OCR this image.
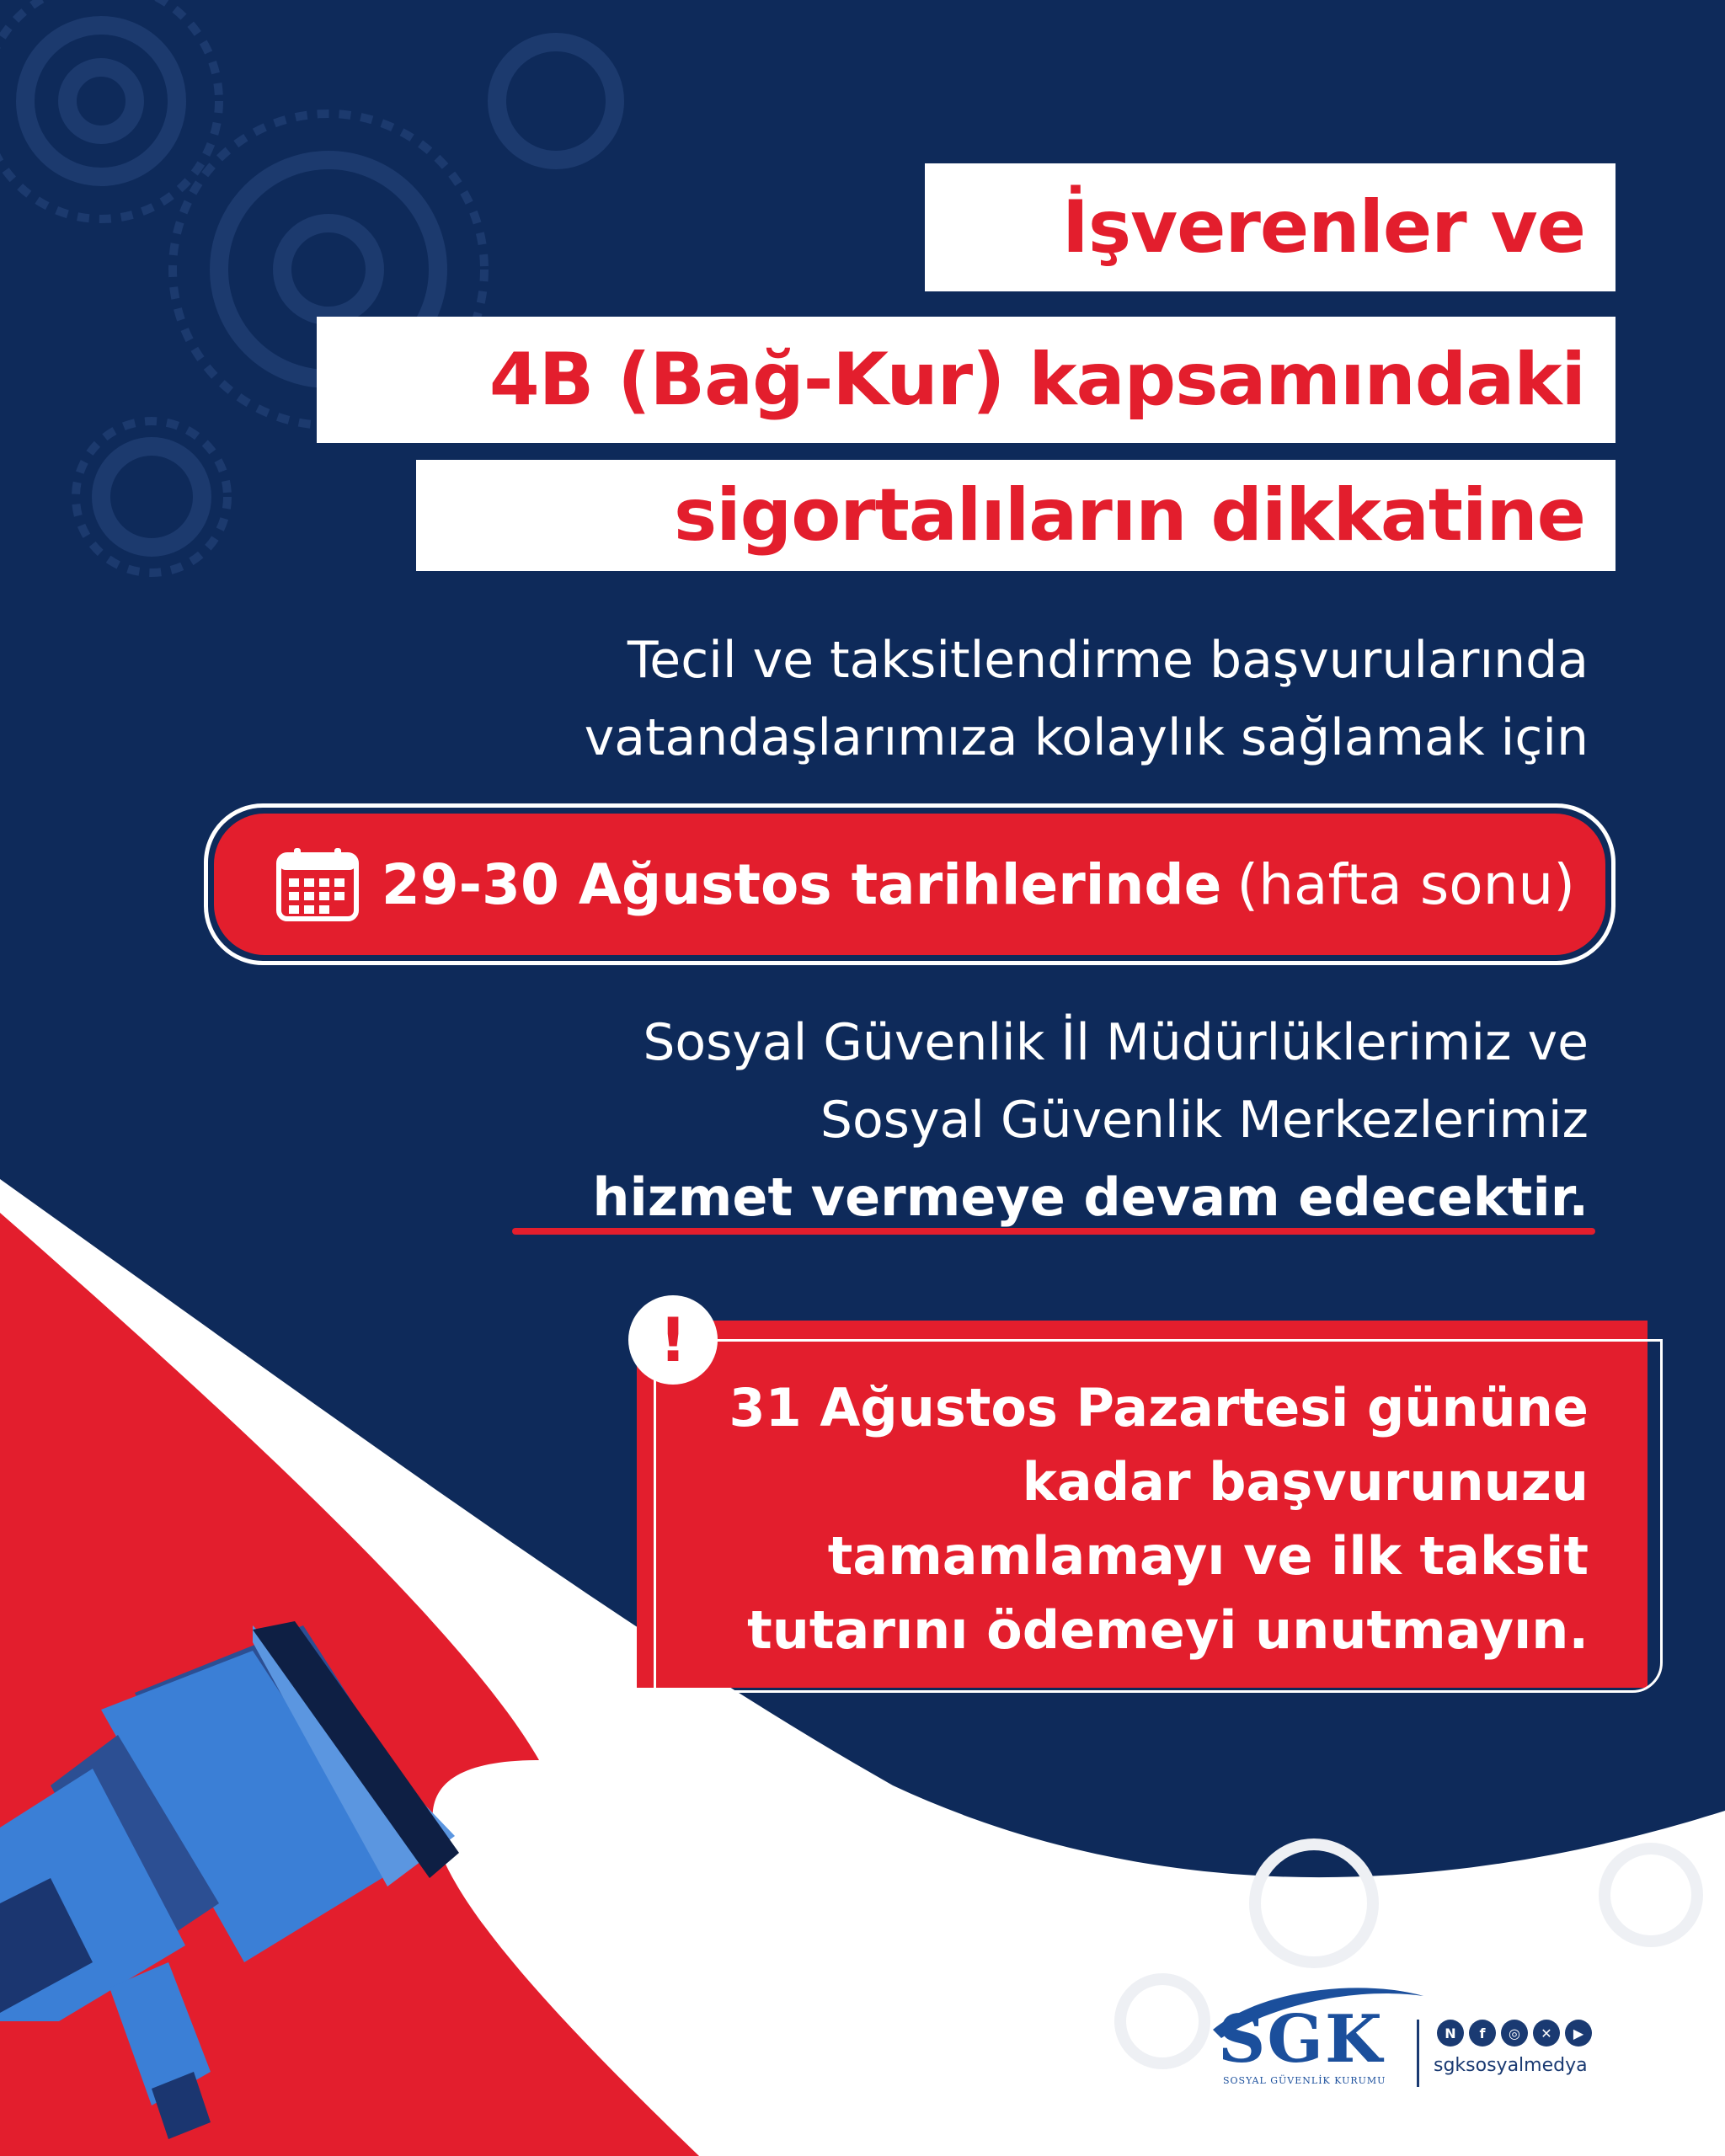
İşverenler ve
4B (Bağ-Kur) kapsamındaki
sigortalıların dikkatine
Tecil ve taksitlendirme başvurularında
vatandaşlarımıza kolaylık sağlamak için
29-30 Ağustos tarihlerinde (hafta sonu)
Sosyal Güvenlik İl Müdürlüklerimiz ve
Sosyal Güvenlik Merkezlerimiz
hizmet vermeye devam edecektir.
!
31 Ağustos Pazartesi gününe
kadar başvurunuzu
tamamlamayı ve ilk taksit
tutarını ödemeyi unutmayın.
SGK
SOSYAL GÜVENLİK KURUMU
N	f	◎	✕	▶
sgksosyalmedya
